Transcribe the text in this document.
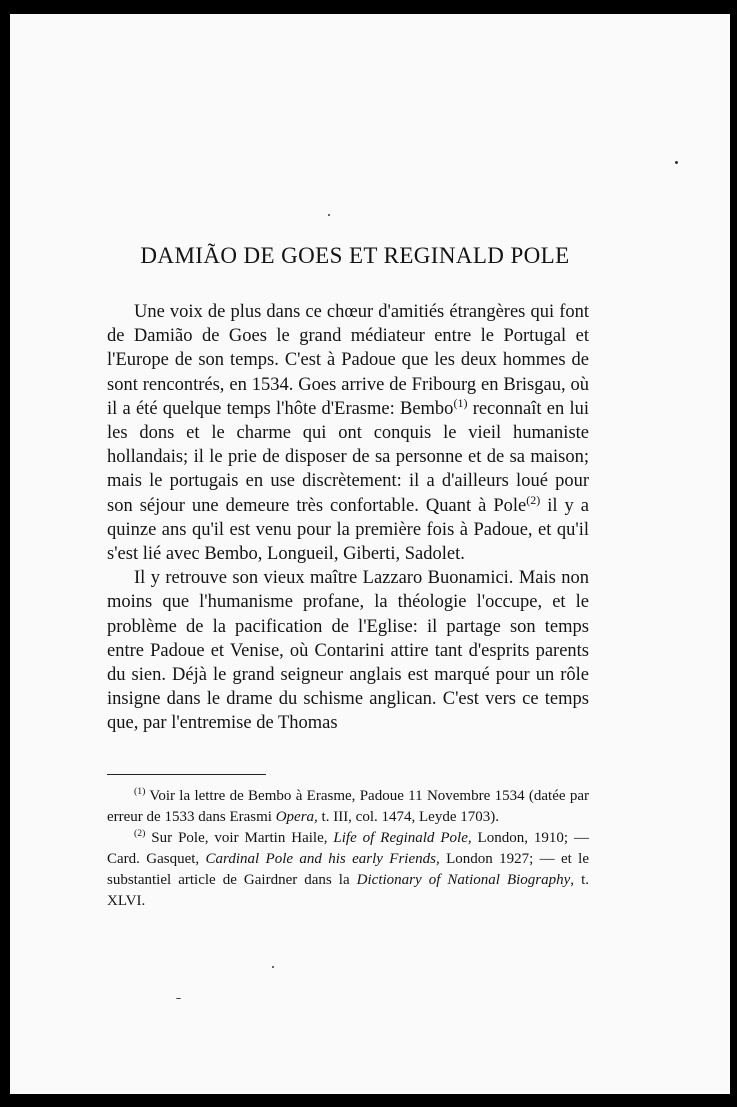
DAMIÃO DE GOES ET REGINALD POLE

Une voix de plus dans ce chœur d'amitiés étrangères qui font de Damião de Goes le grand médiateur entre le Portugal et l'Europe de son temps. C'est à Padoue que les deux hommes de sont rencontrés, en 1534. Goes arrive de Fribourg en Brisgau, où il a été quelque temps l'hôte d'Erasme: Bembo$^{(1)}$ reconnaît en lui les dons et le charme qui ont conquis le vieil humaniste hollandais; il le prie de disposer de sa personne et de sa maison; mais le portugais en use discrètement: il a d'ailleurs loué pour son séjour une demeure très confortable. Quant à Pole$^{(2)}$ il y a quinze ans qu'il est venu pour la première fois à Padoue, et qu'il s'est lié avec Bembo, Longueil, Giberti, Sadolet.

Il y retrouve son vieux maître Lazzaro Buonamici. Mais non moins que l'humanisme profane, la théologie l'occupe, et le problème de la pacification de l'Eglise: il partage son temps entre Padoue et Venise, où Contarini attire tant d'esprits parents du sien. Déjà le grand seigneur anglais est marqué pour un rôle insigne dans le drame du schisme anglican. C'est vers ce temps que, par l'entremise de Thomas

$^{(1)}$ Voir la lettre de Bembo à Erasme, Padoue 11 Novembre 1534 (datée par erreur de 1533 dans Erasmi Opera, t. III, col. 1474, Leyde 1703).

$^{(2)}$ Sur Pole, voir Martin Haile, Life of Reginald Pole, London, 1910; — Card. Gasquet, Cardinal Pole and his early Friends, London 1927; — et le substantiel article de Gairdner dans la Dictionary of National Biography, t. XLVI.
